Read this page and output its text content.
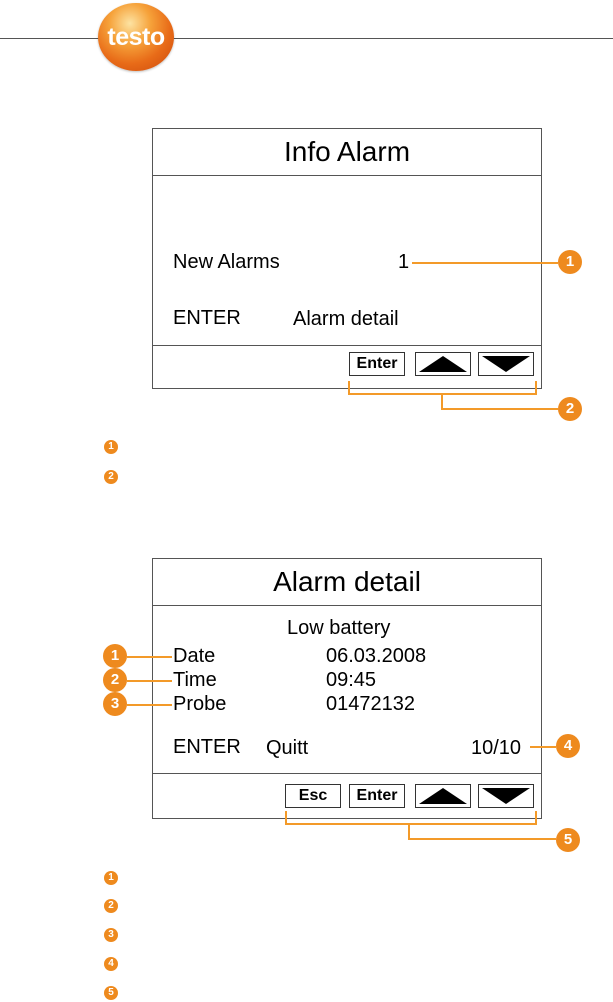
testo
Info Alarm
New Alarms	1
ENTER	Alarm detail
Enter
1
2
1
2
Alarm detail
Low battery
Date	06.03.2008
Time	09:45
Probe	01472132
ENTER Quitt	10/10
Esc	Enter
1
2
3
4
5
1
2
3
4
5
